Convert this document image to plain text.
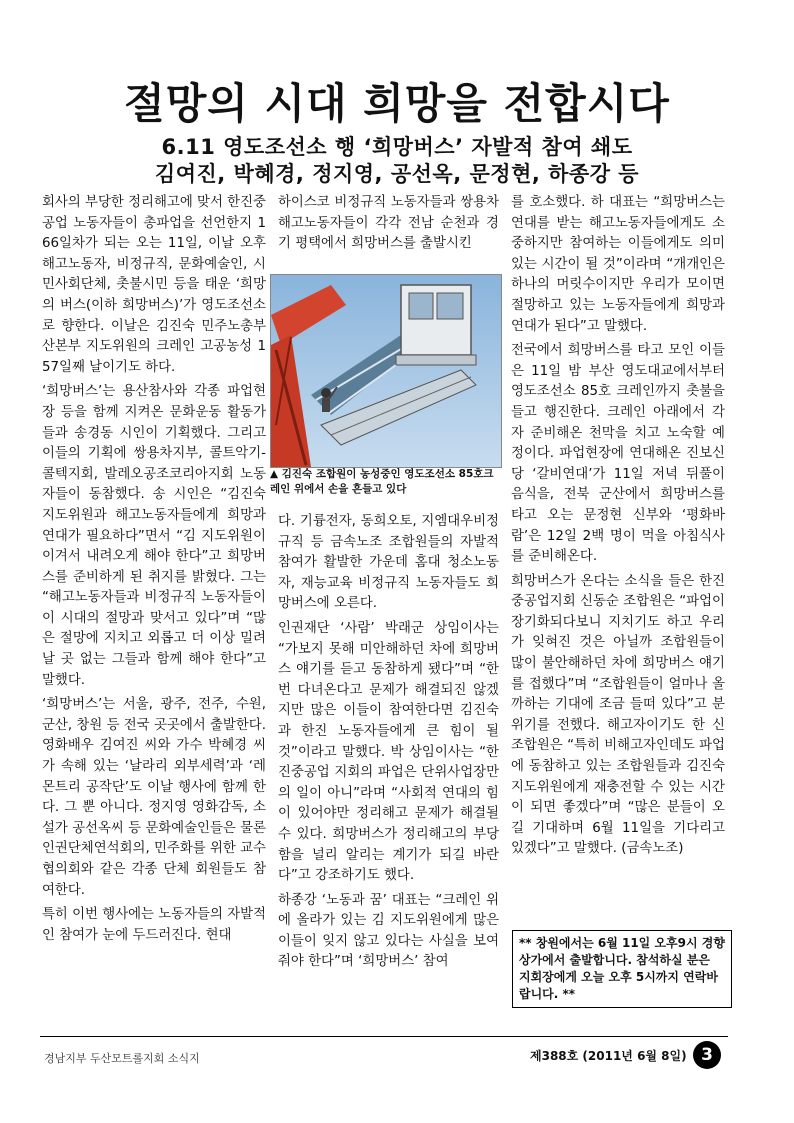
절망의 시대 희망을 전합시다
6.11 영도조선소 행 ‘희망버스’ 자발적 참여 쇄도
김여진, 박혜경, 정지영, 공선옥, 문정현, 하종강 등

회사의 부당한 정리해고에 맞서 한진중공업 노동자들이 총파업을 선언한지 166일차가 되는 오는 11일, 이날 오후 해고노동자, 비정규직, 문화예술인, 시민사회단체, 촛불시민 등을 태운 ‘희망의 버스(이하 희망버스)’가 영도조선소로 향한다. 이날은 김진숙 민주노총부산본부 지도위원의 크레인 고공농성 157일째 날이기도 하다.

‘희망버스’는 용산참사와 각종 파업현장 등을 함께 지켜온 문화운동 활동가들과 송경동 시인이 기획했다. 그리고 이들의 기획에 쌍용차지부, 콜트악기-콜텍지회, 발레오공조코리아지회 노동자들이 동참했다. 송 시인은 “김진숙 지도위원과 해고노동자들에게 희망과 연대가 필요하다”면서 “김 지도위원이 이겨서 내려오게 해야 한다”고 희망버스를 준비하게 된 취지를 밝혔다. 그는 “해고노동자들과 비정규직 노동자들이 이 시대의 절망과 맞서고 있다”며 “많은 절망에 지치고 외롭고 더 이상 밀려날 곳 없는 그들과 함께 해야 한다”고 말했다.

‘희망버스’는 서울, 광주, 전주, 수원, 군산, 창원 등 전국 곳곳에서 출발한다. 영화배우 김여진 씨와 가수 박혜경 씨가 속해 있는 ‘날라리 외부세력’과 ‘레몬트리 공작단’도 이날 행사에 함께 한다. 그 뿐 아니다. 정지영 영화감독, 소설가 공선옥씨 등 문화예술인들은 물론 인권단체연석회의, 민주화를 위한 교수협의회와 같은 각종 단체 회원들도 참여한다.

특히 이번 행사에는 노동자들의 자발적인 참여가 눈에 두드러진다. 현대

하이스코 비정규직 노동자들과 쌍용차 해고노동자들이 각각 전남 순천과 경기 평택에서 희망버스를 출발시킨

▲ 김진숙 조합원이 농성중인 영도조선소 85호크레인 위에서 손을 흔들고 있다

다. 기륭전자, 동희오토, 지엠대우비정규직 등 금속노조 조합원들의 자발적 참여가 활발한 가운데 홈대 청소노동자, 재능교육 비정규직 노동자들도 희망버스에 오른다.

인권재단 ‘사람’ 박래군 상임이사는 “가보지 못해 미안해하던 차에 희망버스 얘기를 듣고 동참하게 됐다”며 “한 번 다녀온다고 문제가 해결되진 않겠지만 많은 이들이 참여한다면 김진숙과 한진 노동자들에게 큰 힘이 될 것”이라고 말했다. 박 상임이사는 “한진중공업 지회의 파업은 단위사업장만의 일이 아니”라며 “사회적 연대의 힘이 있어야만 정리해고 문제가 해결될 수 있다. 희망버스가 정리해고의 부당함을 널리 알리는 계기가 되길 바란다”고 강조하기도 했다.

하종강 ‘노동과 꿈’ 대표는 “크레인 위에 올라가 있는 김 지도위원에게 많은 이들이 잊지 않고 있다는 사실을 보여줘야 한다”며 ‘희망버스’ 참여

를 호소했다. 하 대표는 “희망버스는 연대를 받는 해고노동자들에게도 소중하지만 참여하는 이들에게도 의미 있는 시간이 될 것”이라며 “개개인은 하나의 머릿수이지만 우리가 모이면 절망하고 있는 노동자들에게 희망과 연대가 된다”고 말했다.

전국에서 희망버스를 타고 모인 이들은 11일 밤 부산 영도대교에서부터 영도조선소 85호 크레인까지 촛불을 들고 행진한다. 크레인 아래에서 각자 준비해온 천막을 치고 노숙할 예정이다. 파업현장에 연대해온 진보신당 ‘갈비연대’가 11일 저녁 뒤풀이 음식을, 전북 군산에서 희망버스를 타고 오는 문정현 신부와 ‘평화바람’은 12일 2백 명이 먹을 아침식사를 준비해온다.

희망버스가 온다는 소식을 들은 한진중공업지회 신동순 조합원은 “파업이 장기화되다보니 지치기도 하고 우리가 잊혀진 것은 아닐까 조합원들이 많이 불안해하던 차에 희망버스 얘기를 접했다”며 “조합원들이 얼마나 올까하는 기대에 조금 들떠 있다”고 분위기를 전했다. 해고자이기도 한 신 조합원은 “특히 비해고자인데도 파업에 동참하고 있는 조합원들과 김진숙 지도위원에게 재충전할 수 있는 시간이 되면 좋겠다”며 “많은 분들이 오길 기대하며 6월 11일을 기다리고 있겠다”고 말했다. (금속노조)

** 창원에서는 6월 11일 오후9시 경향상가에서 출발합니다. 참석하실 분은 지회장에게 오늘 오후 5시까지 연락바랍니다. **
경남지부 두산모트롤지회 소식지	제388호 (2011년 6월 8일) 3
